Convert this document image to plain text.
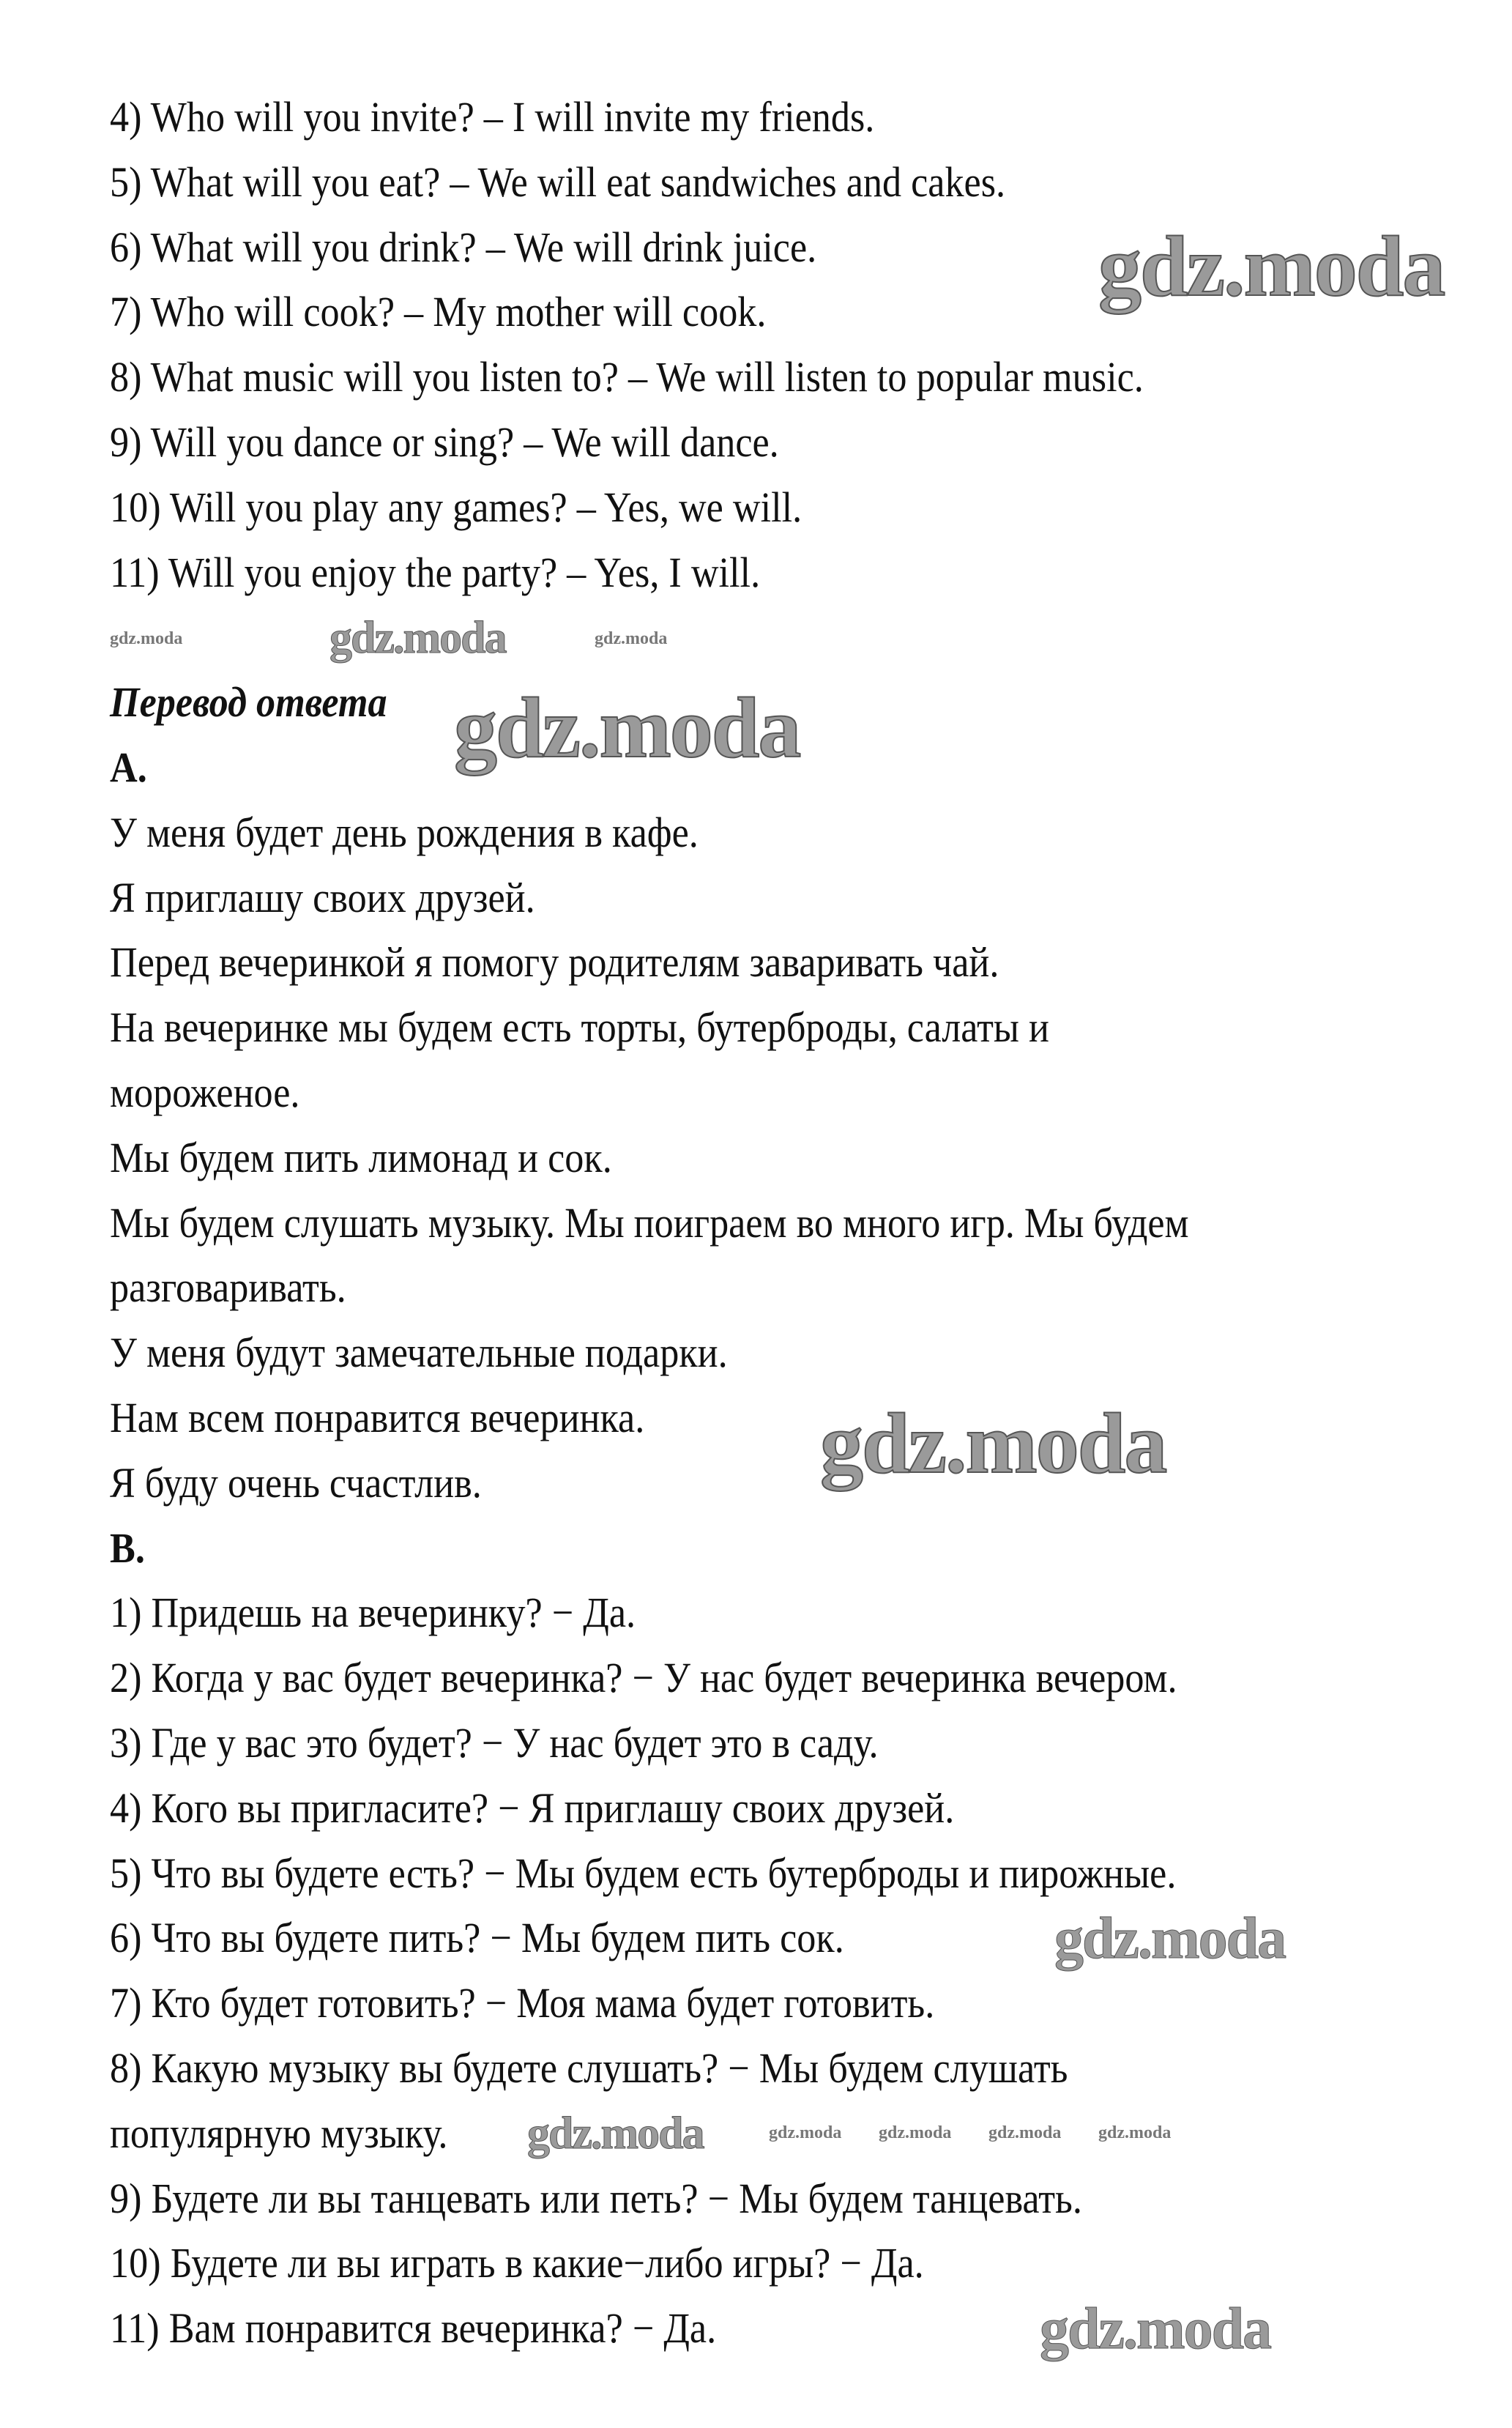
4) Who will you invite? – I will invite my friends.
5) What will you eat? – We will eat sandwiches and cakes.
6) What will you drink? – We will drink juice.
7) Who will cook? – My mother will cook.
8) What music will you listen to? – We will listen to popular music.
9) Will you dance or sing? – We will dance.
10) Will you play any games? – Yes, we will.
11) Will you enjoy the party? – Yes, I will.
Перевод ответа
A.
У меня будет день рождения в кафе.
Я приглашу своих друзей.
Перед вечеринкой я помогу родителям заваривать чай.
На вечеринке мы будем есть торты, бутерброды, салаты и
мороженое.
Мы будем пить лимонад и сок.
Мы будем слушать музыку. Мы поиграем во много игр. Мы будем
разговаривать.
У меня будут замечательные подарки.
Нам всем понравится вечеринка.
Я буду очень счастлив.
B.
1) Придешь на вечеринку? − Да.
2) Когда у вас будет вечеринка? − У нас будет вечеринка вечером.
3) Где у вас это будет? − У нас будет это в саду.
4) Кого вы пригласите? − Я приглашу своих друзей.
5) Что вы будете есть? − Мы будем есть бутерброды и пирожные.
6) Что вы будете пить? − Мы будем пить сок.
7) Кто будет готовить? − Моя мама будет готовить.
8) Какую музыку вы будете слушать? − Мы будем слушать
популярную музыку.
9) Будете ли вы танцевать или петь? − Мы будем танцевать.
10) Будете ли вы играть в какие−либо игры? − Да.
11) Вам понравится вечеринка? − Да.
gdz.moda
gdz.moda	gdz.moda	gdz.moda
gdz.moda
gdz.moda
gdz.moda gdz.moda
gdz.moda
gdz.moda
gdz.moda	gdz.moda
gdz.moda
